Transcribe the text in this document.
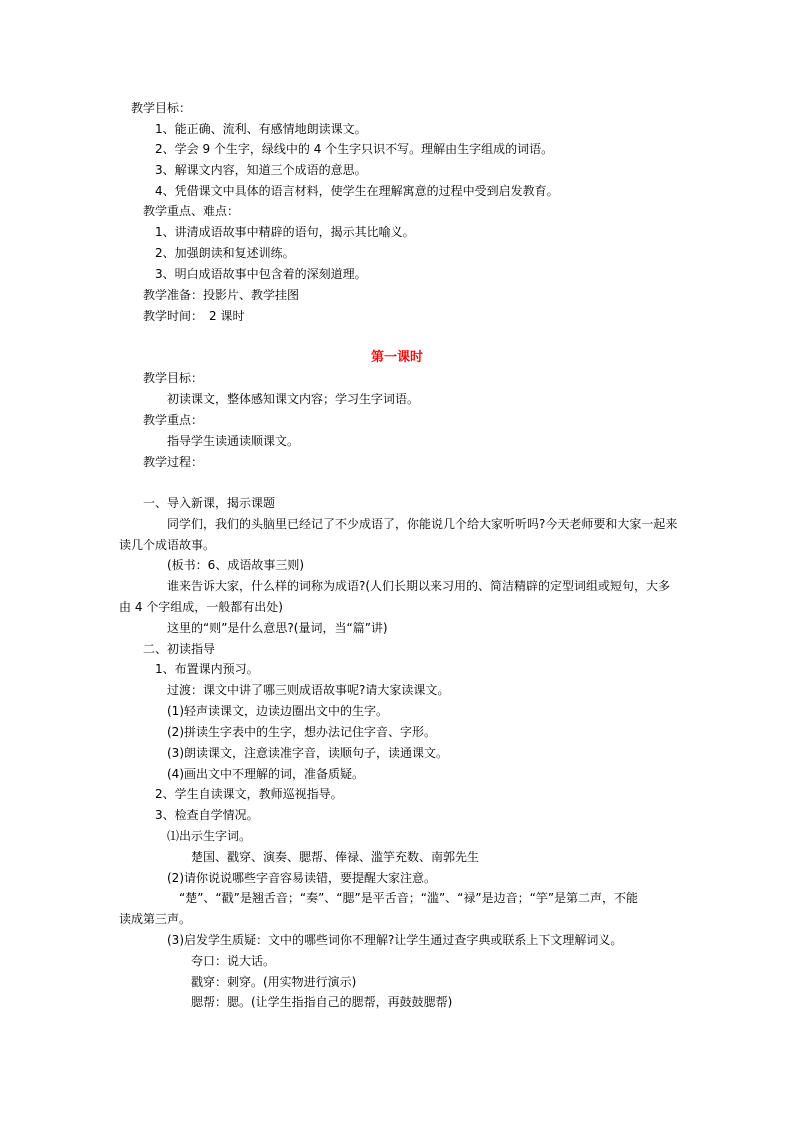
教学目标：
1、能正确、流利、有感情地朗读课文。
2、学会 9 个生字，绿线中的 4 个生字只识不写。理解由生字组成的词语。
3、解课文内容，知道三个成语的意思。
4、凭借课文中具体的语言材料，使学生在理解寓意的过程中受到启发教育。
教学重点、难点：
1、讲清成语故事中精辟的语句，揭示其比喻义。
2、加强朗读和复述训练。
3、明白成语故事中包含着的深刻道理。
教学准备：投影片、教学挂图
教学时间：　2 课时
第一课时
教学目标：
初读课文，整体感知课文内容；学习生字词语。
教学重点：
指导学生读通读顺课文。
教学过程：
一、导入新课，揭示课题
同学们，我们的头脑里已经记了不少成语了，你能说几个给大家听听吗?今天老师要和大家一起来
读几个成语故事。
(板书：6、成语故事三则)
谁来告诉大家，什么样的词称为成语?(人们长期以来习用的、简洁精辟的定型词组或短句，大多
由 4 个字组成，一般都有出处)
这里的“则”是什么意思?(量词，当“篇”讲)
二、初读指导
1、布置课内预习。
过渡：课文中讲了哪三则成语故事呢?请大家读课文。
(1)轻声读课文，边读边圈出文中的生字。
(2)拼读生字表中的生字，想办法记住字音、字形。
(3)朗读课文，注意读准字音，读顺句子，读通课文。
(4)画出文中不理解的词，准备质疑。
2、学生自读课文，教师巡视指导。
3、检查自学情况。
⑴出示生字词。
楚国、戳穿、演奏、腮帮、俸禄、滥竽充数、南郭先生
(2)请你说说哪些字音容易读错，要提醒大家注意。
“楚”、“戳”是翘舌音；“奏”、“腮”是平舌音；“滥”、“禄”是边音；“竽”是第二声，不能
读成第三声。
(3)启发学生质疑：文中的哪些词你不理解?让学生通过查字典或联系上下文理解词义。
夸口：说大话。
戳穿：刺穿。(用实物进行演示)
腮帮：腮。(让学生指指自己的腮帮，再鼓鼓腮帮)
